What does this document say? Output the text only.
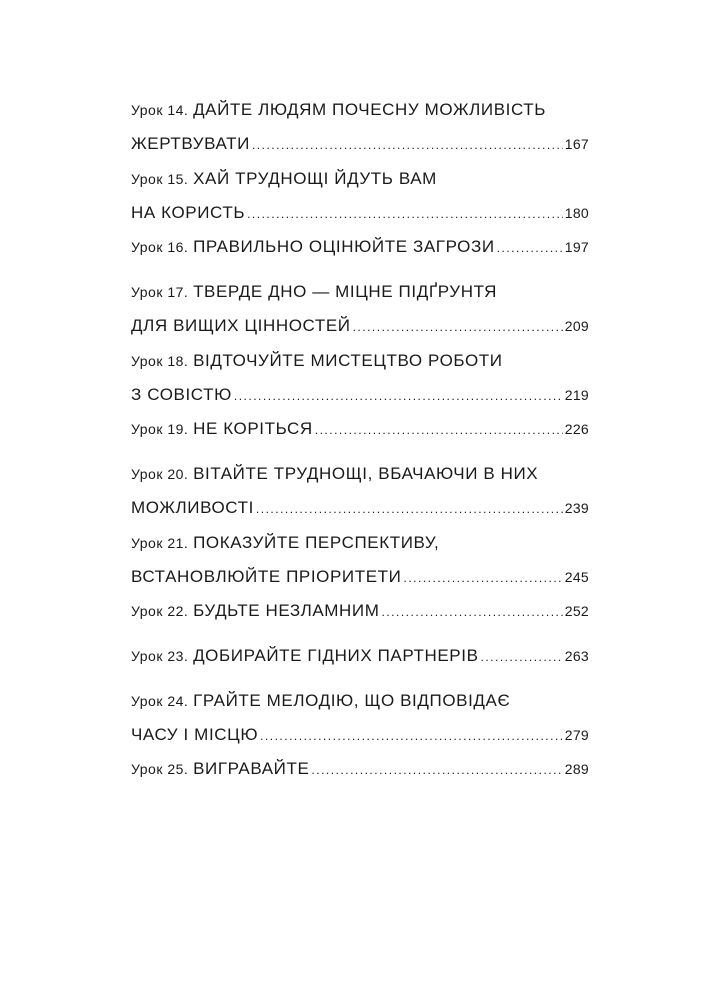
Урок 14. ДАЙТЕ ЛЮДЯМ ПОЧЕСНУ МОЖЛИВІСТЬ
ЖЕРТВУВАТИ .....	167
Урок 15. ХАЙ ТРУДНОЩІ ЙДУТЬ ВАМ
НА КОРИСТЬ .....	180
Урок 16.
ПРАВИЛЬНО ОЦІНЮЙТЕ ЗАГРОЗИ .....	197
Урок 17. ТВЕРДЕ ДНО — МІЦНЕ ПІДҐРУНТЯ
ДЛЯ ВИЩИХ ЦІННОСТЕЙ .....	209
Урок 18. ВІДТОЧУЙТЕ МИСТЕЦТВО РОБОТИ
З СОВІСТЮ .....	219
Урок 19.
НЕ КОРІТЬСЯ .....	226
Урок 20. ВІТАЙТЕ ТРУДНОЩІ, ВБАЧАЮЧИ В НИХ
МОЖЛИВОСТІ .....	239
Урок 21. ПОКАЗУЙТЕ ПЕРСПЕКТИВУ,
ВСТАНОВЛЮЙТЕ ПРІОРИТЕТИ .....	245
Урок 22.
БУДЬТЕ НЕЗЛАМНИМ .....	252
Урок 23.
ДОБИРАЙТЕ ГІДНИХ ПАРТНЕРІВ .....	263
Урок 24. ГРАЙТЕ МЕЛОДІЮ, ЩО ВІДПОВІДАЄ
ЧАСУ І МІСЦЮ .....	279
Урок 25.
ВИГРАВАЙТЕ .....	289
